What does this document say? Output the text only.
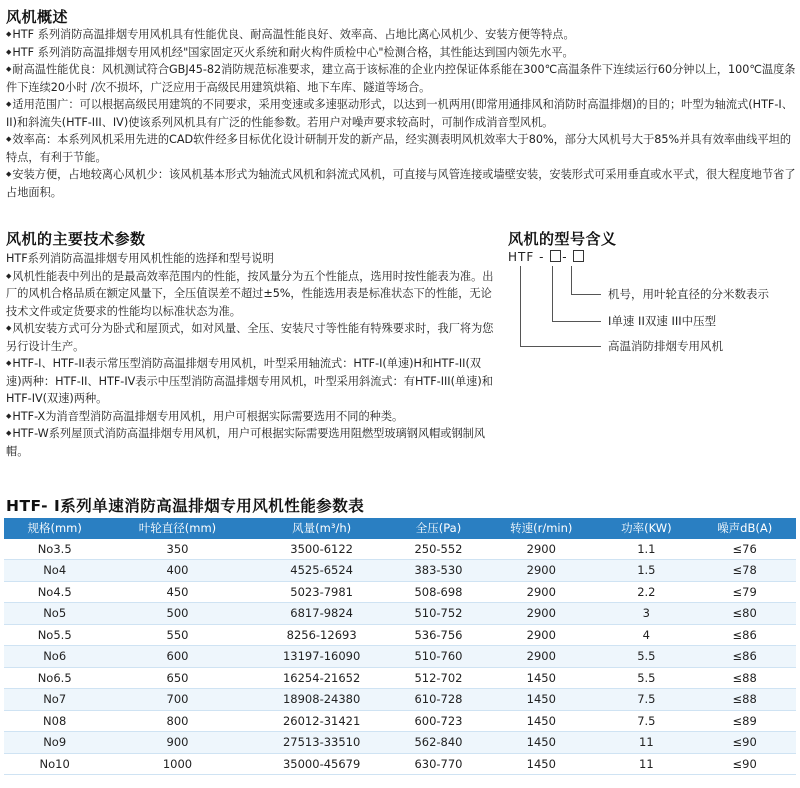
风机概述

◆ HTF 系列消防高温排烟专用风机具有性能优良、耐高温性能良好、效率高、占地比离心风机少、安装方便等特点。

◆ HTF 系列消防高温排烟专用风机经"国家固定灭火系统和耐火构件质检中心"检测合格，其性能达到国内领先水平。

◆ 耐高温性能优良：风机测试符合GBJ45-82消防规范标准要求，建立高于该标准的企业内控保证体系能在300℃高温条件下连续运行60分钟以上，100℃温度条件下连续20小时 /次不损坏，广泛应用于高级民用建筑烘箱、地下车库、隧道等场合。

◆ 适用范围广：可以根据高级民用建筑的不同要求，采用变速或多速驱动形式，以达到一机两用(即常用通排风和消防时高温排烟)的目的；叶型为轴流式(HTF-I、II)和斜流失(HTF-III、IV)使该系列风机具有广泛的性能参数。若用户对噪声要求较高时，可制作成消音型风机。

◆ 效率高：本系列风机采用先进的CAD软件经多目标优化设计研制开发的新产品，经实测表明风机效率大于80%，部分大风机号大于85%并具有效率曲线平坦的特点，有利于节能。

◆ 安装方便，占地较离心风机少：该风机基本形式为轴流式风机和斜流式风机，可直接与风管连接或墙壁安装，安装形式可采用垂直或水平式，很大程度地节省了占地面积。

风机的主要技术参数

HTF系列消防高温排烟专用风机性能的选择和型号说明

◆ 风机性能表中列出的是最高效率范围内的性能，按风量分为五个性能点，选用时按性能表为准。出厂的风机合格品质在额定风量下，全压值误差不超过±5%，性能选用表是标准状态下的性能，无论技术文件或定货要求的性能均以标准状态为准。

◆ 风机安装方式可分为卧式和屋顶式，如对风量、全压、安装尺寸等性能有特殊要求时，我厂将为您另行设计生产。

◆ HTF-I、HTF-II表示常压型消防高温排烟专用风机，叶型采用轴流式：HTF-I(单速)H和HTF-II(双速)两种：HTF-II、HTF-IV表示中压型消防高温排烟专用风机，叶型采用斜流式：有HTF-III(单速)和HTF-IV(双速)两种。

◆ HTF-X为消音型消防高温排烟专用风机，用户可根据实际需要选用不同的种类。

◆ HTF-W系列屋顶式消防高温排烟专用风机，用户可根据实际需要选用阻燃型玻璃钢风帽或钢制风帽。

风机的型号含义
HTF - -
机号，用叶轮直径的分米数表示
I单速 II双速 III中压型
高温消防排烟专用风机
HTF- I系列单速消防高温排烟专用风机性能参数表
规格(mm)	叶轮直径(mm)	风量(m³/h)	全压(Pa)	转速(r/min)	功率(KW)	噪声dB(A)
No3.5	350	3500-6122	250-552	2900	1.1	≤76
No4	400	4525-6524	383-530	2900	1.5	≤78
No4.5	450	5023-7981	508-698	2900	2.2	≤79
No5	500	6817-9824	510-752	2900	3	≤80
No5.5	550	8256-12693	536-756	2900	4	≤86
No6	600	13197-16090	510-760	2900	5.5	≤86
No6.5	650	16254-21652	512-702	1450	5.5	≤88
No7	700	18908-24380	610-728	1450	7.5	≤88
N08	800	26012-31421	600-723	1450	7.5	≤89
No9	900	27513-33510	562-840	1450	11	≤90
No10	1000	35000-45679	630-770	1450	11	≤90
